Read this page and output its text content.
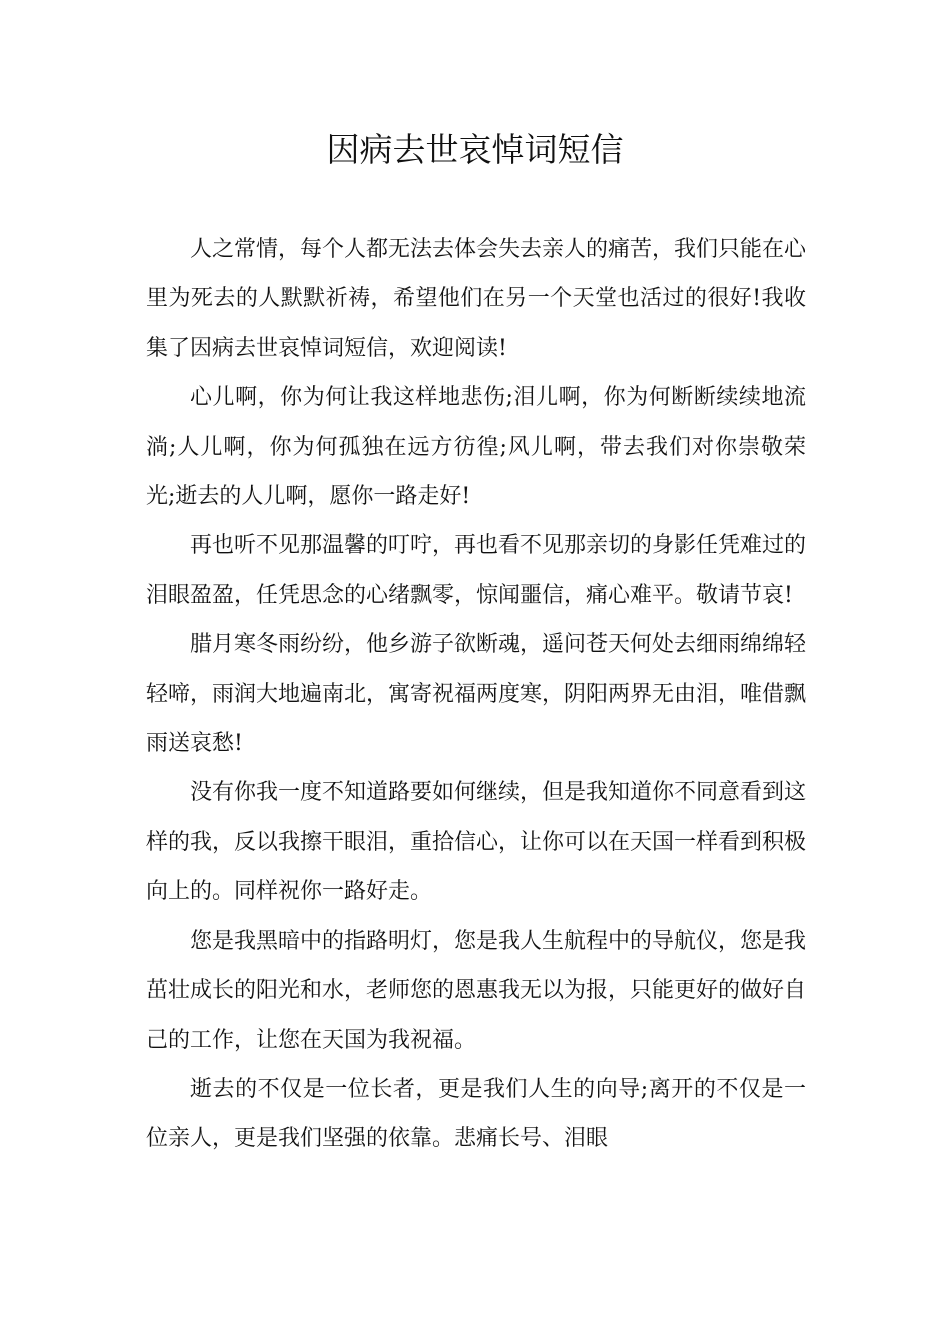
因病去世哀悼词短信

人之常情，每个人都无法去体会失去亲人的痛苦，我们只能在心里为死去的人默默祈祷，希望他们在另一个天堂也活过的很好!我收集了因病去世哀悼词短信，欢迎阅读!

心儿啊，你为何让我这样地悲伤;泪儿啊，你为何断断续续地流淌;人儿啊，你为何孤独在远方彷徨;风儿啊，带去我们对你崇敬荣光;逝去的人儿啊，愿你一路走好!

再也听不见那温馨的叮咛，再也看不见那亲切的身影任凭难过的泪眼盈盈，任凭思念的心绪飘零，惊闻噩信，痛心难平。敬请节哀!

腊月寒冬雨纷纷，他乡游子欲断魂，遥问苍天何处去细雨绵绵轻轻啼，雨润大地遍南北，寓寄祝福两度寒，阴阳两界无由泪，唯借飘雨送哀愁!

没有你我一度不知道路要如何继续，但是我知道你不同意看到这样的我，反以我擦干眼泪，重拾信心，让你可以在天国一样看到积极向上的。同样祝你一路好走。

您是我黑暗中的指路明灯，您是我人生航程中的导航仪，您是我茁壮成长的阳光和水，老师您的恩惠我无以为报，只能更好的做好自己的工作，让您在天国为我祝福。

逝去的不仅是一位长者，更是我们人生的向导;离开的不仅是一位亲人，更是我们坚强的依靠。悲痛长号、泪眼
